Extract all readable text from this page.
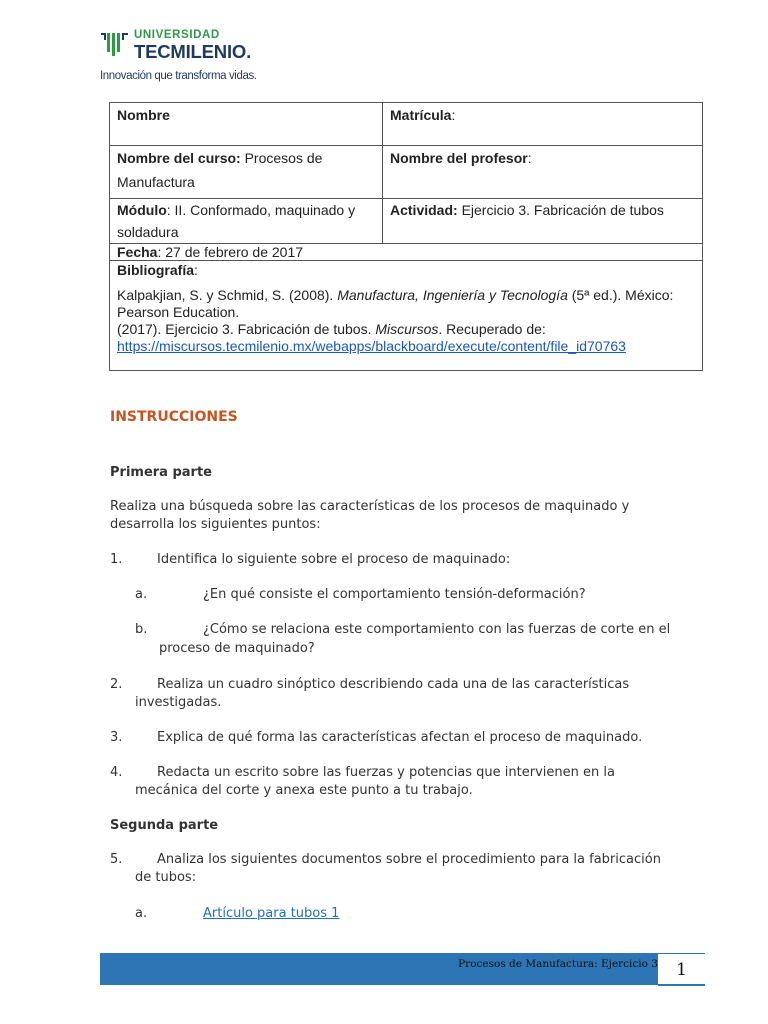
UNIVERSIDAD
TECMILENIO.
Innovación que transforma vidas.
Nombre	Matrícula:
Nombre del curso: Procesos de Manufactura	Nombre del profesor:
Módulo: II. Conformado, maquinado y soldadura	Actividad: Ejercicio 3. Fabricación de tubos
Fecha: 27 de febrero de 2017	

Bibliografía:
Kalpakjian, S. y Schmid, S. (2008). Manufactura, Ingeniería y Tecnología (5ª ed.). México: Pearson Education.
(2017). Ejercicio 3. Fabricación de tubos. Miscursos. Recuperado de:
https://miscursos.tecmilenio.mx/webapps/blackboard/execute/content/file_id70763	
INSTRUCCIONES
Primera parte
Realiza una búsqueda sobre las características de los procesos de maquinado y
desarrolla los siguientes puntos:
1.	Identifica lo siguiente sobre el proceso de maquinado:
a.	¿En qué consiste el comportamiento tensión-deformación?
b.	¿Cómo se relaciona este comportamiento con las fuerzas de corte en el
proceso de maquinado?
2.	Realiza un cuadro sinóptico describiendo cada una de las características
investigadas.
3.	Explica de qué forma las características afectan el proceso de maquinado.
4.	Redacta un escrito sobre las fuerzas y potencias que intervienen en la
mecánica del corte y anexa este punto a tu trabajo.
Segunda parte
5.	Analiza los siguientes documentos sobre el procedimiento para la fabricación
de tubos:
a.	Artículo para tubos 1
Procesos de Manufactura: Ejercicio 3	1
